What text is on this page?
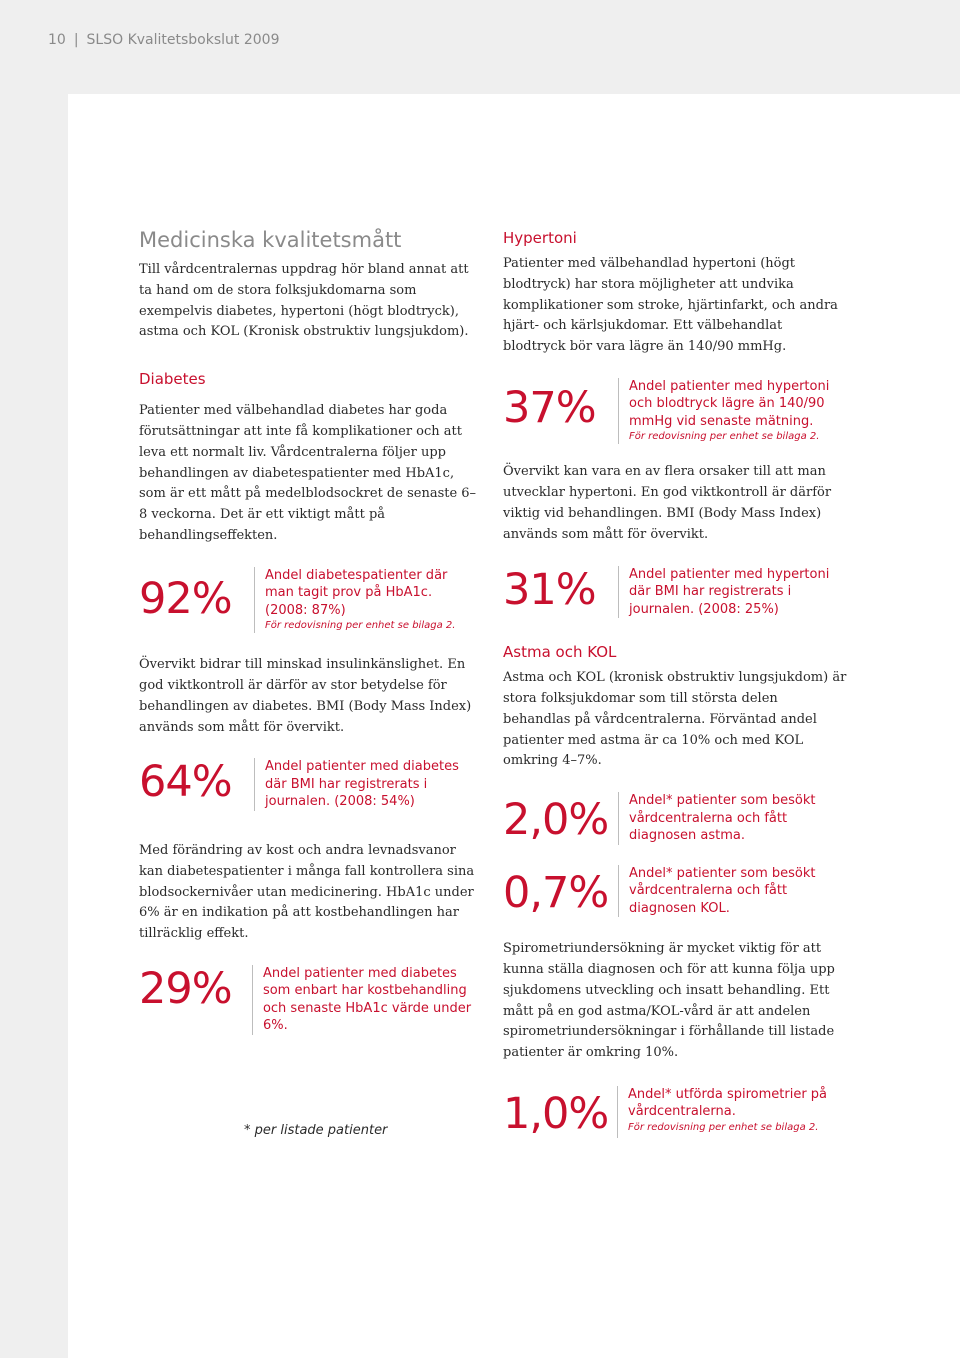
10 | SLSO Kvalitetsbokslut 2009
Medicinska kvalitetsmått

Till vårdcentralernas uppdrag hör bland annat att ta hand om de stora folksjukdomarna som exempelvis diabetes, hypertoni (högt blodtryck), astma och KOL (Kronisk obstruktiv lungsjukdom).

Diabetes

Patienter med välbehandlad diabetes har goda förutsättningar att inte få komplikationer och att leva ett normalt liv. Vårdcentralerna följer upp behandlingen av diabetespatienter med HbA1c, som är ett mått på medelblodsockret de senaste 6–8 veckorna. Det är ett viktigt mått på behandlingseffekten.

92%	Andel diabetespatienter där man tagit prov på HbA1c. (2008: 87%)
För redovisning per enhet se bilaga 2.

Övervikt bidrar till minskad insulinkänslighet. En god viktkontroll är därför av stor betydelse för behandlingen av diabetes. BMI (Body Mass Index) används som mått för övervikt.

64%	Andel patienter med diabetes där BMI har registrerats i journalen. (2008: 54%)

Med förändring av kost och andra levnadsvanor kan diabetespatienter i många fall kontrollera sina blodsockernivåer utan medicinering. HbA1c under 6% är en indikation på att kostbehandlingen har tillräcklig effekt.

29%	Andel patienter med diabetes som enbart har kostbehandling och senaste HbA1c värde under 6%.
* per listade patienter
Hypertoni

Patienter med välbehandlad hypertoni (högt blodtryck) har stora möjligheter att undvika komplikationer som stroke, hjärtinfarkt, och andra hjärt- och kärlsjukdomar. Ett välbehandlat blodtryck bör vara lägre än 140/90 mmHg.

37%	Andel patienter med hypertoni och blodtryck lägre än 140/90 mmHg vid senaste mätning.
För redovisning per enhet se bilaga 2.

Övervikt kan vara en av flera orsaker till att man utvecklar hypertoni. En god viktkontroll är därför viktig vid behandlingen. BMI (Body Mass Index) används som mått för övervikt.

31%	Andel patienter med hypertoni där BMI har registrerats i journalen. (2008: 25%)
Astma och KOL

Astma och KOL (kronisk obstruktiv lungsjukdom) är stora folksjukdomar som till största delen behandlas på vårdcentralerna. Förväntad andel patienter med astma är ca 10% och med KOL omkring 4–7%.

2,0%	Andel* patienter som besökt vårdcentralerna och fått diagnosen astma.
0,7%	Andel* patienter som besökt vårdcentralerna och fått diagnosen KOL.

Spirometriundersökning är mycket viktig för att kunna ställa diagnosen och för att kunna följa upp sjukdomens utveckling och insatt behandling. Ett mått på en god astma/KOL-vård är att andelen spirometriundersökningar i förhållande till listade patienter är omkring 10%.

1,0%	Andel* utförda spirometrier på vårdcentralerna.
För redovisning per enhet se bilaga 2.
